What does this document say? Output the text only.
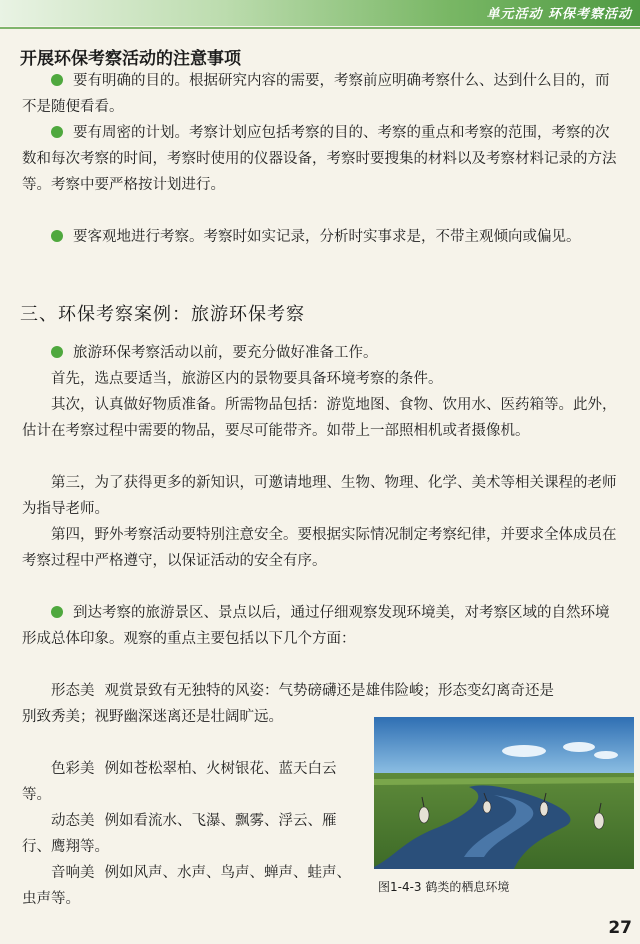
单元活动 环保考察活动
开展环保考察活动的注意事项

要有明确的目的。根据研究内容的需要，考察前应明确考察什么、达到什么目的，而不是随便看看。

要有周密的计划。考察计划应包括考察的目的、考察的重点和考察的范围，考察的次数和每次考察的时间，考察时使用的仪器设备，考察时要搜集的材料以及考察材料记录的方法等。考察中要严格按计划进行。

要客观地进行考察。考察时如实记录，分析时实事求是，不带主观倾向或偏见。

三、环保考察案例：旅游环保考察

旅游环保考察活动以前，要充分做好准备工作。

首先，选点要适当，旅游区内的景物要具备环境考察的条件。

其次，认真做好物质准备。所需物品包括：游览地图、食物、饮用水、医药箱等。此外，估计在考察过程中需要的物品，要尽可能带齐。如带上一部照相机或者摄像机。

第三，为了获得更多的新知识，可邀请地理、生物、物理、化学、美术等相关课程的老师为指导老师。

第四，野外考察活动要特别注意安全。要根据实际情况制定考察纪律，并要求全体成员在考察过程中严格遵守，以保证活动的安全有序。

到达考察的旅游景区、景点以后，通过仔细观察发现环境美，对考察区域的自然环境形成总体印象。观察的重点主要包括以下几个方面：

形态美 观赏景致有无独特的风姿：气势磅礴还是雄伟险峻；形态变幻离奇还是别致秀美；视野幽深迷离还是壮阔旷远。

色彩美 例如苍松翠柏、火树银花、蓝天白云等。

动态美 例如看流水、飞瀑、飘雾、浮云、雁行、鹰翔等。

音响美 例如风声、水声、鸟声、蝉声、蛙声、虫声等。

图1-4-3 鹤类的栖息环境
27
